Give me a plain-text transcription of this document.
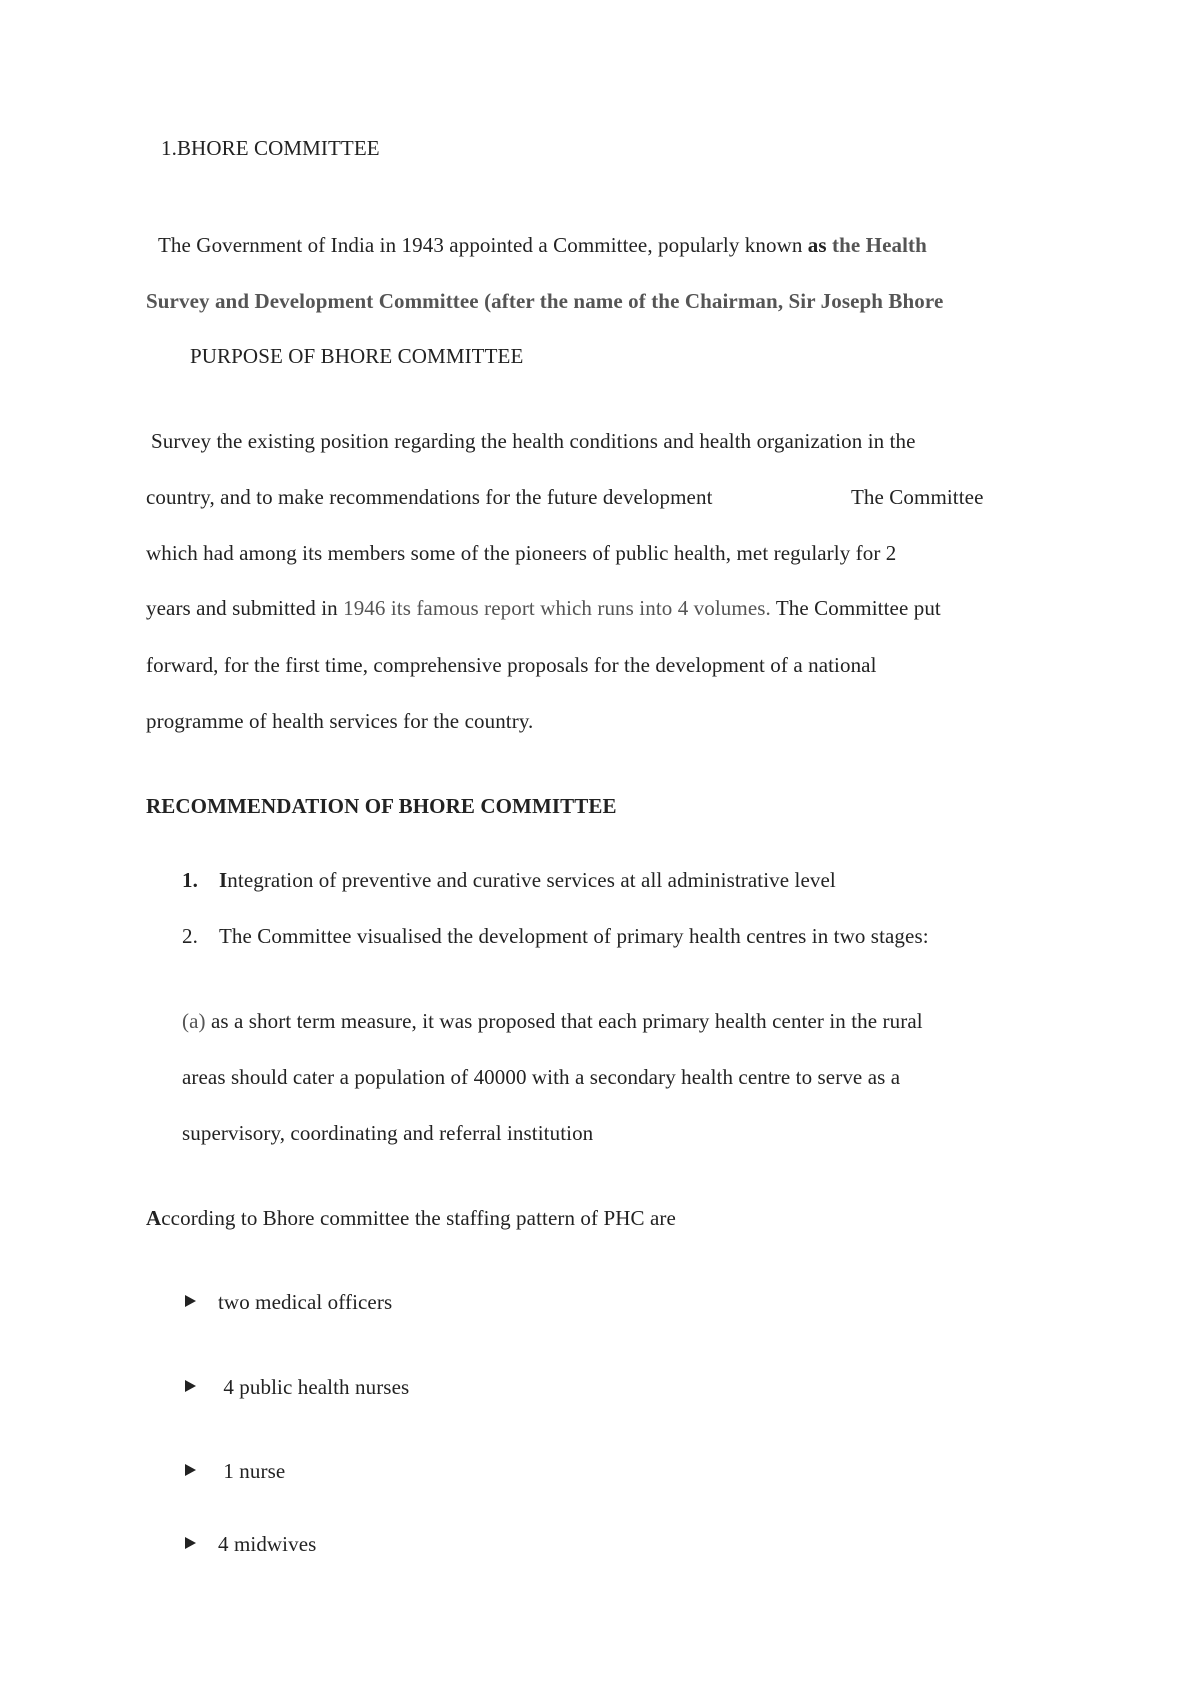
1.BHORE COMMITTEE
The Government of India in 1943 appointed a Committee, popularly known as the Health
Survey and Development Committee (after the name of the Chairman, Sir Joseph Bhore
PURPOSE OF BHORE COMMITTEE
Survey the existing position regarding the health conditions and health organization in the
country, and to make recommendations for the future development	The Committee
which had among its members some of the pioneers of public health, met regularly for 2
years and submitted in 1946 its famous report which runs into 4 volumes. The Committee put
forward, for the first time, comprehensive proposals for the development of a national
programme of health services for the country.
RECOMMENDATION OF BHORE COMMITTEE
1. Integration of preventive and curative services at all administrative level
2. The Committee visualised the development of primary health centres in two stages:
(a) as a short term measure, it was proposed that each primary health center in the rural
areas should cater a population of 40000 with a secondary health centre to serve as a
supervisory, coordinating and referral institution
According to Bhore committee the staffing pattern of PHC are
two medical officers
4 public health nurses
1 nurse
4 midwives
